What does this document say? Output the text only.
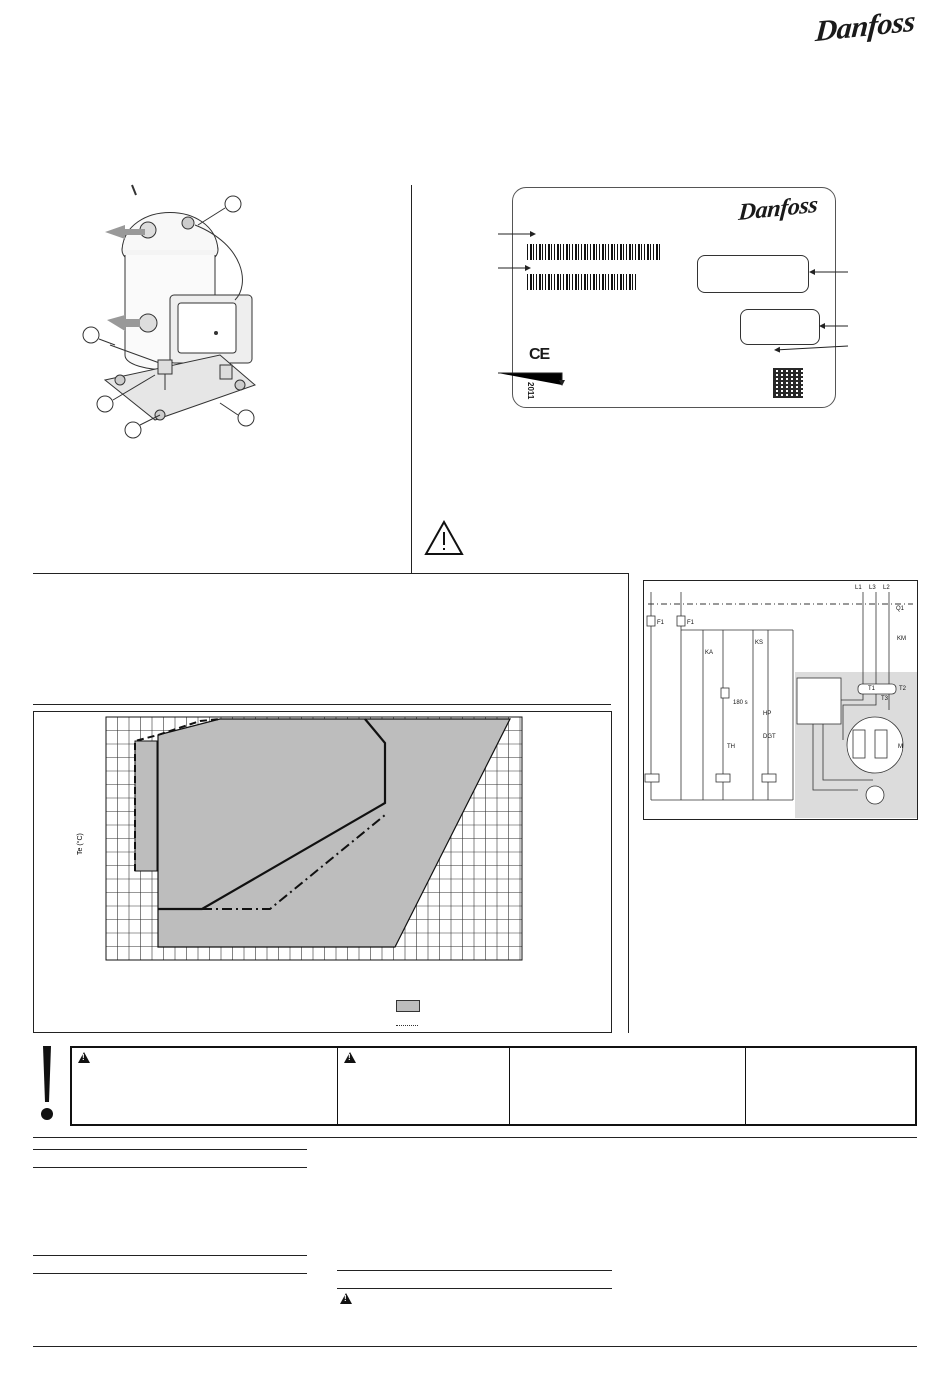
Danfoss
Danfoss
CE
2011
Te (°C)
L1 L3 L2
Q1
F1	F1
KM
KA
KS
T1	T2
T3
180 s
HP
DGT
TH	M
!
!
!
